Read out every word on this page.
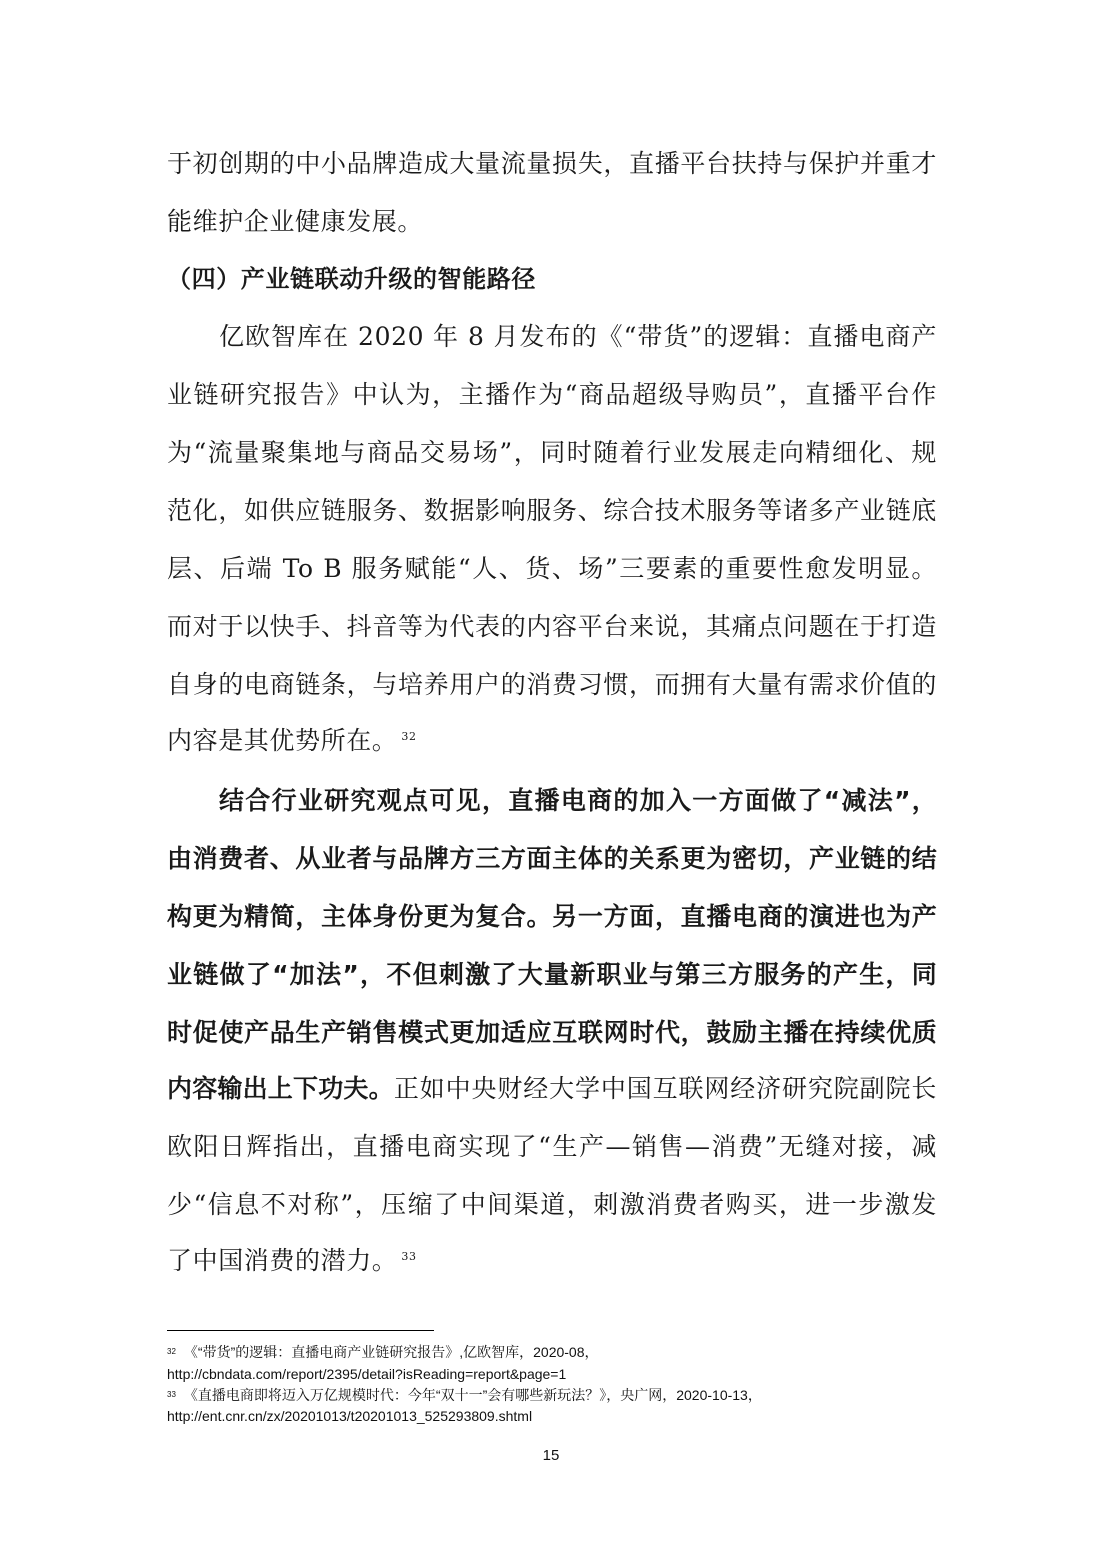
于初创期的中小品牌造成大量流量损失，直播平台扶持与保护并重才
能维护企业健康发展。
（四）产业链联动升级的智能路径
亿欧智库在 2020 年 8 月发布的《“带货”的逻辑：直播电商产
业链研究报告》中认为，主播作为“商品超级导购员”，直播平台作
为“流量聚集地与商品交易场”，同时随着行业发展走向精细化、规
范化，如供应链服务、数据影响服务、综合技术服务等诸多产业链底
层、后端 To B 服务赋能“人、货、场”三要素的重要性愈发明显。
而对于以快手、抖音等为代表的内容平台来说，其痛点问题在于打造
自身的电商链条，与培养用户的消费习惯，而拥有大量有需求价值的
内容是其优势所在。 $^{32}$
结合行业研究观点可见，直播电商的加入一方面做了“减法”，
由消费者、从业者与品牌方三方面主体的关系更为密切，产业链的结
构更为精简，主体身份更为复合。另一方面，直播电商的演进也为产
业链做了“加法”，不但刺激了大量新职业与第三方服务的产生，同
时促使产品生产销售模式更加适应互联网时代，鼓励主播在持续优质
内容输出上下功夫。 正如中央财经大学中国互联网经济研究院副院长
欧阳日辉指出，直播电商实现了“生产—销售—消费”无缝对接，减
少“信息不对称”，压缩了中间渠道，刺激消费者购买，进一步激发
了中国消费的潜力。 $^{33}$
$^{32}$ 《“带货”的逻辑：直播电商产业链研究报告》,亿欧智库，2020-08，
http://cbndata.com/report/2395/detail?isReading=report&page=1
$^{33}$ 《直播电商即将迈入万亿规模时代：今年“双十一”会有哪些新玩法？》，央广网，2020-10-13，
http://ent.cnr.cn/zx/20201013/t20201013_525293809.shtml
15
